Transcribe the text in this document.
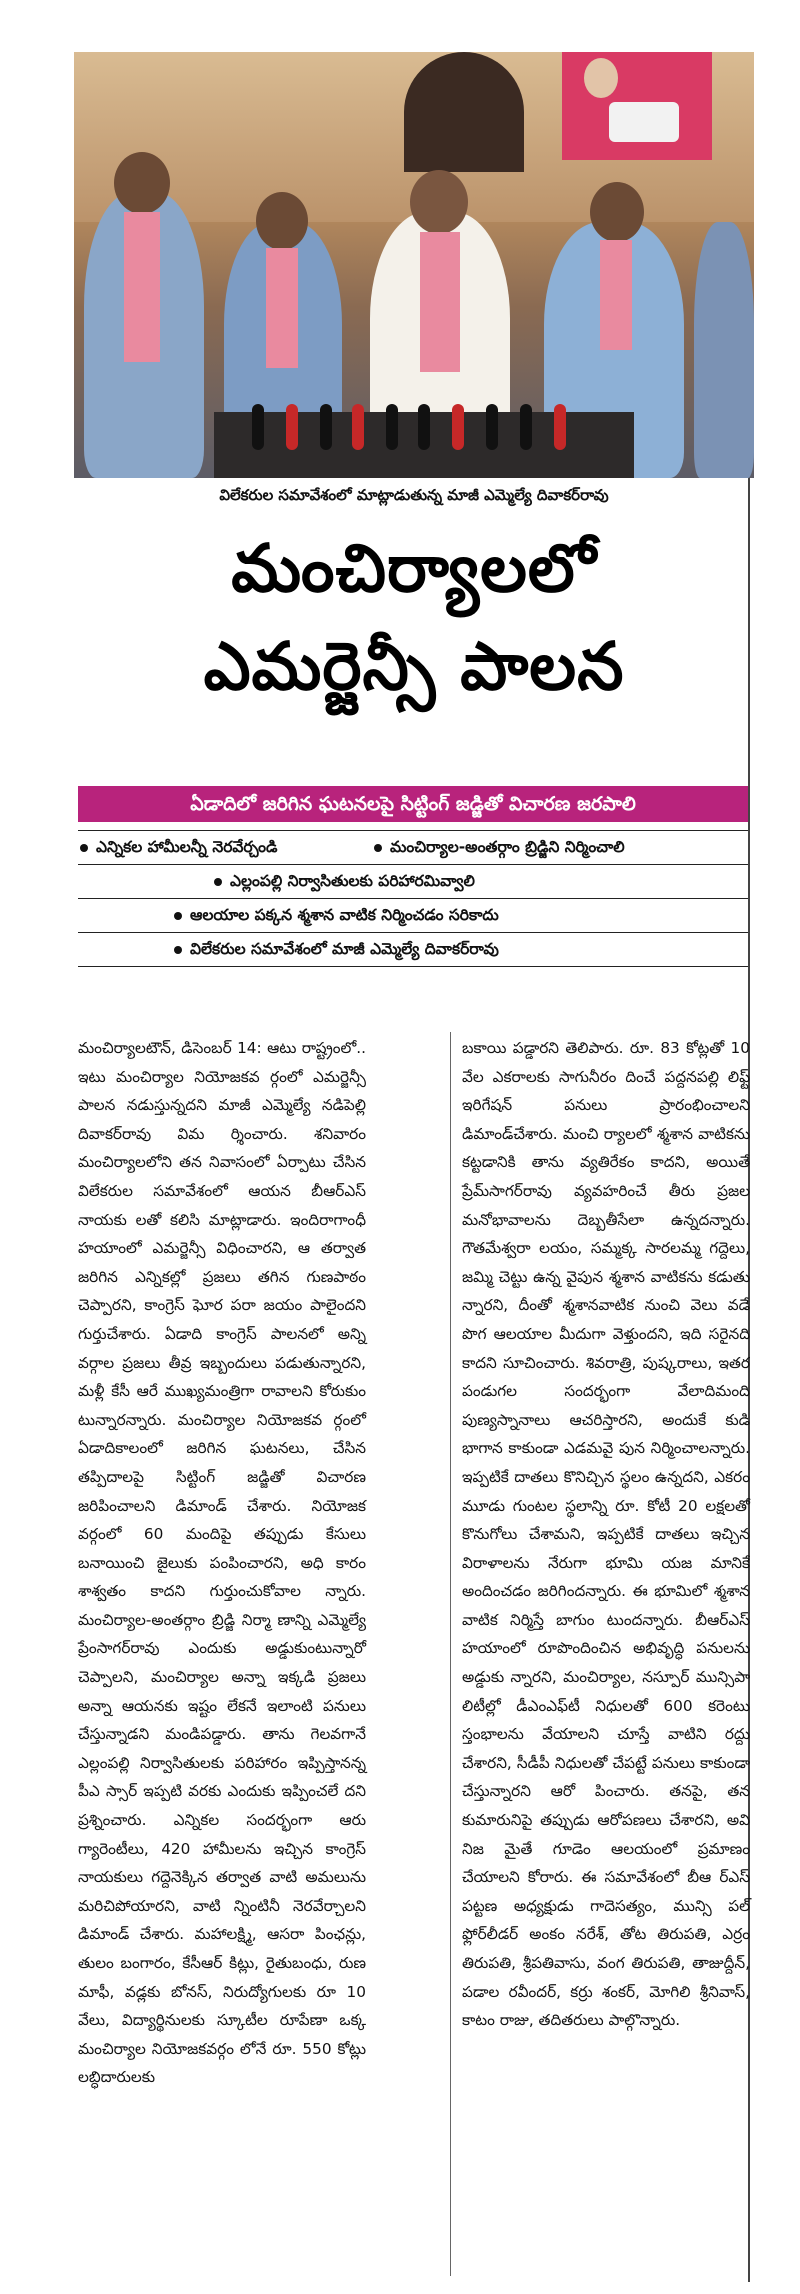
విలేకరుల సమావేశంలో మాట్లాడుతున్న మాజీ ఎమ్మెల్యే దివాకర్‌రావు
మంచిర్యాలలో
ఎమర్జెన్సీ పాలన
ఏడాదిలో జరిగిన ఘటనలపై సిట్టింగ్ జడ్జితో విచారణ జరపాలి
ఎన్నికల హామీలన్నీ నెరవేర్చండి	మంచిర్యాల-అంతర్గాం బ్రిడ్జిని నిర్మించాలి
ఎల్లంపల్లి నిర్వాసితులకు పరిహారమివ్వాలి
ఆలయాల పక్కన శ్మశాన వాటిక నిర్మించడం సరికాదు
విలేకరుల సమావేశంలో మాజీ ఎమ్మెల్యే దివాకర్‌రావు

మంచిర్యాలటౌన్, డిసెంబర్ 14: ఆటు రాష్ట్రంలో.. ఇటు మంచిర్యాల నియోజకవ ర్గంలో ఎమర్జెన్సీ పాలన నడుస్తున్నదని మాజీ ఎమ్మెల్యే నడిపెల్లి దివాకర్‌రావు విమ ర్శించారు. శనివారం మంచిర్యాలలోని తన నివాసంలో ఏర్పాటు చేసిన విలేకరుల సమావేశంలో ఆయన బీఆర్‌ఎస్ నాయకు లతో కలిసి మాట్లాడారు. ఇందిరాగాంధీ హయాంలో ఎమర్జెన్సీ విధించారని, ఆ తర్వాత జరిగిన ఎన్నికల్లో ప్రజలు తగిన గుణపాఠం చెప్పారని, కాంగ్రెస్ ఘోర పరా జయం పాలైందని గుర్తుచేశారు. ఏడాది కాంగ్రెస్ పాలనలో అన్ని వర్గాల ప్రజలు తీవ్ర ఇబ్బందులు పడుతున్నారని, మళ్లీ కేసీ ఆరే ముఖ్యమంత్రిగా రావాలని కోరుకుం టున్నారన్నారు. మంచిర్యాల నియోజకవ ర్గంలో ఏడాదికాలంలో జరిగిన ఘటనలు, చేసిన తప్పిదాలపై సిట్టింగ్ జడ్జితో విచారణ జరిపించాలని డిమాండ్ చేశారు. నియోజక వర్గంలో 60 మందిపై తప్పుడు కేసులు బనాయించి జైలుకు పంపించారని, అధి కారం శాశ్వతం కాదని గుర్తుంచుకోవాల న్నారు. మంచిర్యాల-అంతర్గాం బ్రిడ్జి నిర్మా ణాన్ని ఎమ్మెల్యే ప్రేంసాగర్‌రావు ఎందుకు అడ్డుకుంటున్నారో చెప్పాలని, మంచిర్యాల అన్నా ఇక్కడి ప్రజలు అన్నా ఆయనకు ఇష్టం లేకనే ఇలాంటి పనులు చేస్తున్నాడని మండిపడ్డారు. తాను గెలవగానే ఎల్లంపల్లి నిర్వాసితులకు పరిహారం ఇప్పిస్తానన్న పీఎ స్సార్ ఇప్పటి వరకు ఎందుకు ఇప్పించలే దని ప్రశ్నించారు. ఎన్నికల సందర్భంగా ఆరు గ్యారెంటీలు, 420 హామీలను ఇచ్చిన కాంగ్రెస్ నాయకులు గద్దెనెక్కిన తర్వాత వాటి అమలును మరిచిపోయారని, వాటి న్నింటినీ నెరవేర్చాలని డిమాండ్ చేశారు. మహాలక్ష్మి, ఆసరా పింఛన్లు, తులం బంగారం, కేసీఆర్ కిట్లు, రైతుబంధు, రుణ మాఫీ, వడ్లకు బోనస్, నిరుద్యోగులకు రూ 10 వేలు, విద్యార్థినులకు స్కూటీల రూపేణా ఒక్క మంచిర్యాల నియోజకవర్గం లోనే రూ. 550 కోట్లు లబ్ధిదారులకు

బకాయి పడ్డారని తెలిపారు. రూ. 83 కోట్లతో 10 వేల ఎకరాలకు సాగునీరం దించే పద్దనపల్లి లిఫ్ట్ ఇరిగేషన్ పనులు ప్రారంభించాలని డిమాండ్‌చేశారు. మంచి ర్యాలలో శ్మశాన వాటికను కట్టడానికి తాను వ్యతిరేకం కాదని, అయితే ప్రేమ్‌సాగర్‌రావు వ్యవహరించే తీరు ప్రజల మనోభావాలను దెబ్బతీసేలా ఉన్నదన్నారు. గౌతమేశ్వరా లయం, సమ్మక్క సారలమ్మ గద్దెలు, జమ్మి చెట్టు ఉన్న వైపున శ్మశాన వాటికను కడుతు న్నారని, దీంతో శ్మశానవాటిక నుంచి వెలు వడే పొగ ఆలయాల మీదుగా వెళ్తుందని, ఇది సరైనది కాదని సూచించారు. శివరాత్రి, పుష్కరాలు, ఇతర పండుగల సందర్భంగా వేలాదిమంది పుణ్యస్నానాలు ఆచరిస్తారని, అందుకే కుడి భాగాన కాకుండా ఎడమవై పున నిర్మించాలన్నారు. ఇప్పటికే దాతలు కొనిచ్చిన స్థలం ఉన్నదని, ఎకరం మూడు గుంటల స్థలాన్ని రూ. కోటీ 20 లక్షలతో కొనుగోలు చేశామని, ఇప్పటికే దాతలు ఇచ్చిన విరాళాలను నేరుగా భూమి యజ మానికే అందించడం జరిగిందన్నారు. ఈ భూమిలో శ్మశాన వాటిక నిర్మిస్తే బాగుం టుందన్నారు. బీఆర్‌ఎస్ హయాంలో రూపొందించిన అభివృద్ధి పనులను అడ్డుకు న్నారని, మంచిర్యాల, నస్పూర్ మున్సిపా లిటీల్లో డీఎంఎఫ్‌టీ నిధులతో 600 కరెంటు స్తంభాలను వేయాలని చూస్తే వాటిని రద్దు చేశారని, సీడీపీ నిధులతో చేపట్టే పనులు కాకుండా చేస్తున్నారని ఆరో పించారు. తనపై, తన కుమారునిపై తప్పుడు ఆరోపణలు చేశారని, అవి నిజ మైతే గూడెం ఆలయంలో ప్రమాణం చేయాలని కోరారు. ఈ సమావేశంలో బీఆ ర్‌ఎస్ పట్టణ అధ్యక్షుడు గాదెసత్యం, మున్సి పల్ ఫ్లోర్‌లీడర్ అంకం నరేశ్, తోట తిరుపతి, ఎర్రం తిరుపతి, శ్రీపతివాసు, వంగ తిరుపతి, తాజుద్దీన్, పడాల రవీందర్, కర్రు శంకర్, మోగిలి శ్రీనివాస్, కాటం రాజు, తదితరులు పాల్గొన్నారు.
